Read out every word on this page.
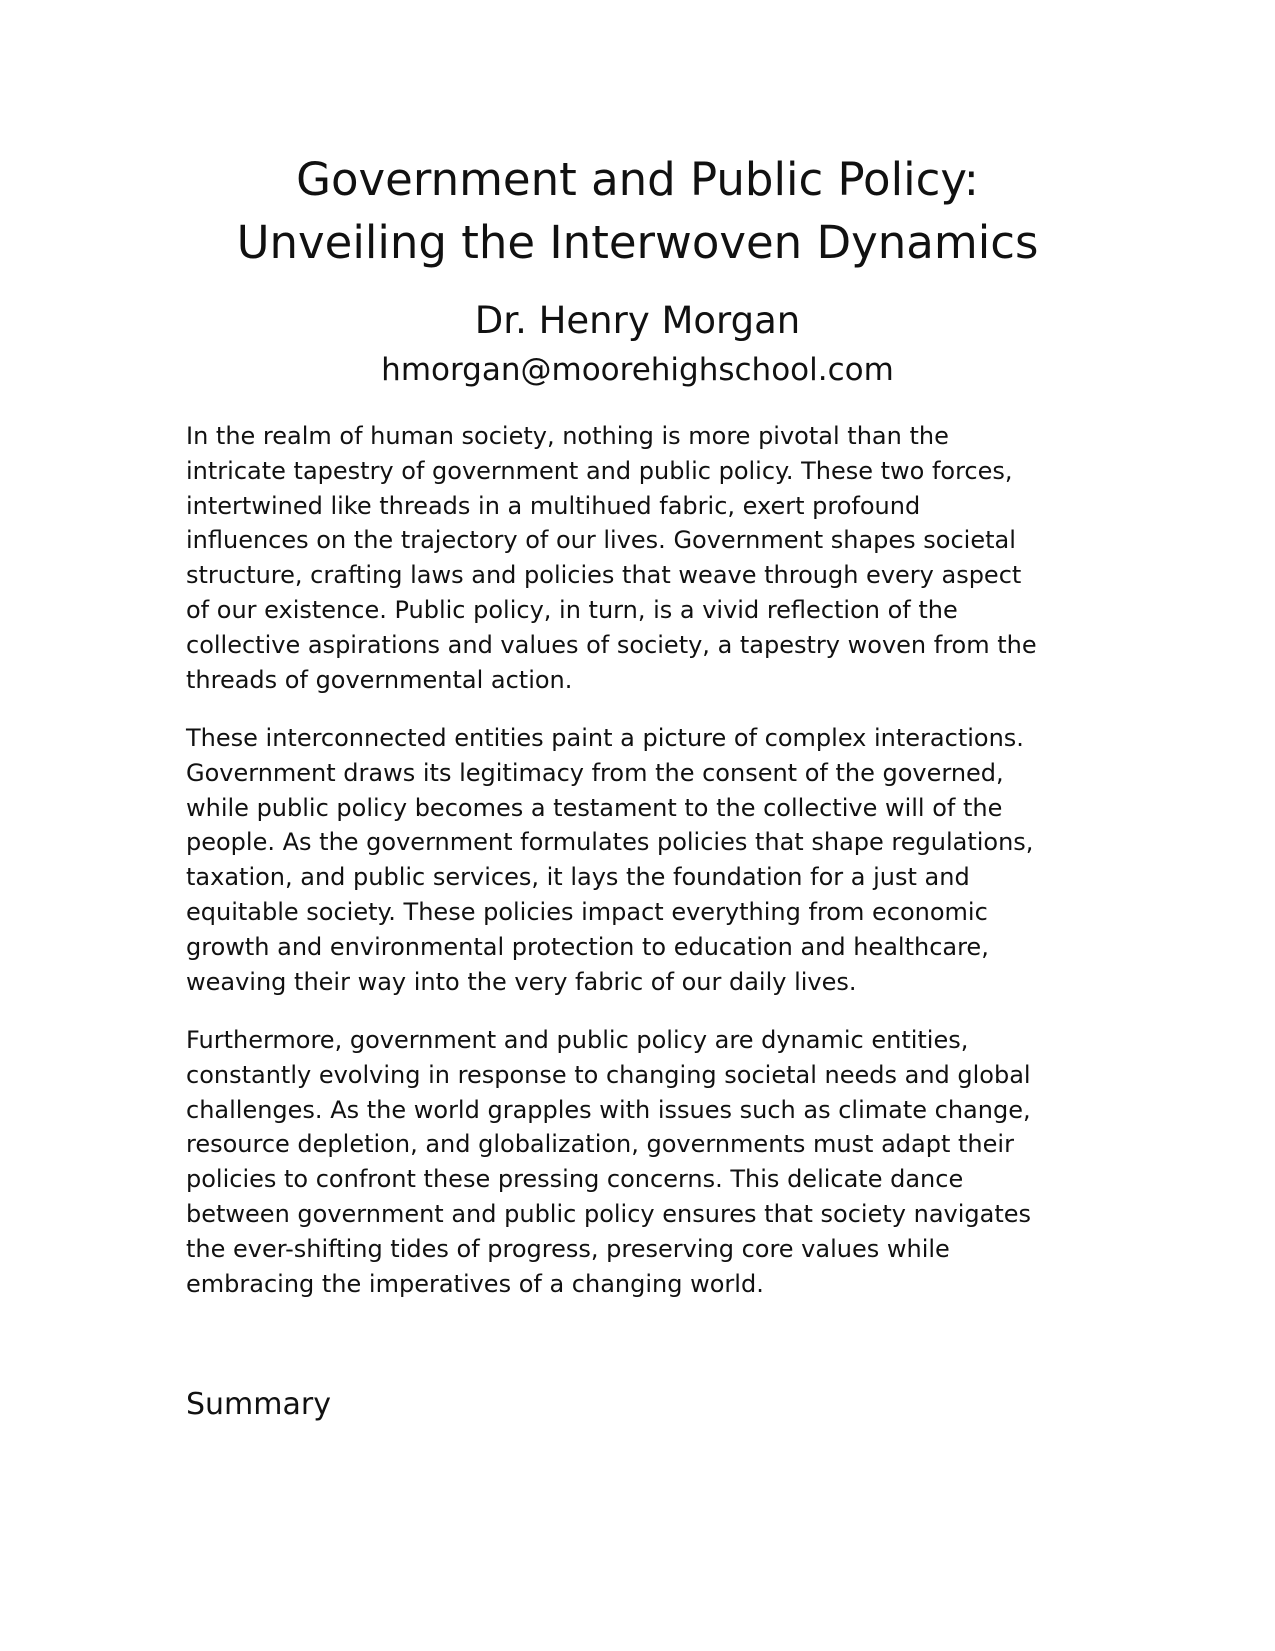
Government and Public Policy:
Unveiling the Interwoven Dynamics
Dr. Henry Morgan
hmorgan@moorehighschool.com

In the realm of human society, nothing is more pivotal than the
intricate tapestry of government and public policy. These two forces,
intertwined like threads in a multihued fabric, exert profound
influences on the trajectory of our lives. Government shapes societal
structure, crafting laws and policies that weave through every aspect
of our existence. Public policy, in turn, is a vivid reflection of the
collective aspirations and values of society, a tapestry woven from the
threads of governmental action.

These interconnected entities paint a picture of complex interactions.
Government draws its legitimacy from the consent of the governed,
while public policy becomes a testament to the collective will of the
people. As the government formulates policies that shape regulations,
taxation, and public services, it lays the foundation for a just and
equitable society. These policies impact everything from economic
growth and environmental protection to education and healthcare,
weaving their way into the very fabric of our daily lives.

Furthermore, government and public policy are dynamic entities,
constantly evolving in response to changing societal needs and global
challenges. As the world grapples with issues such as climate change,
resource depletion, and globalization, governments must adapt their
policies to confront these pressing concerns. This delicate dance
between government and public policy ensures that society navigates
the ever-shifting tides of progress, preserving core values while
embracing the imperatives of a changing world.

Summary
